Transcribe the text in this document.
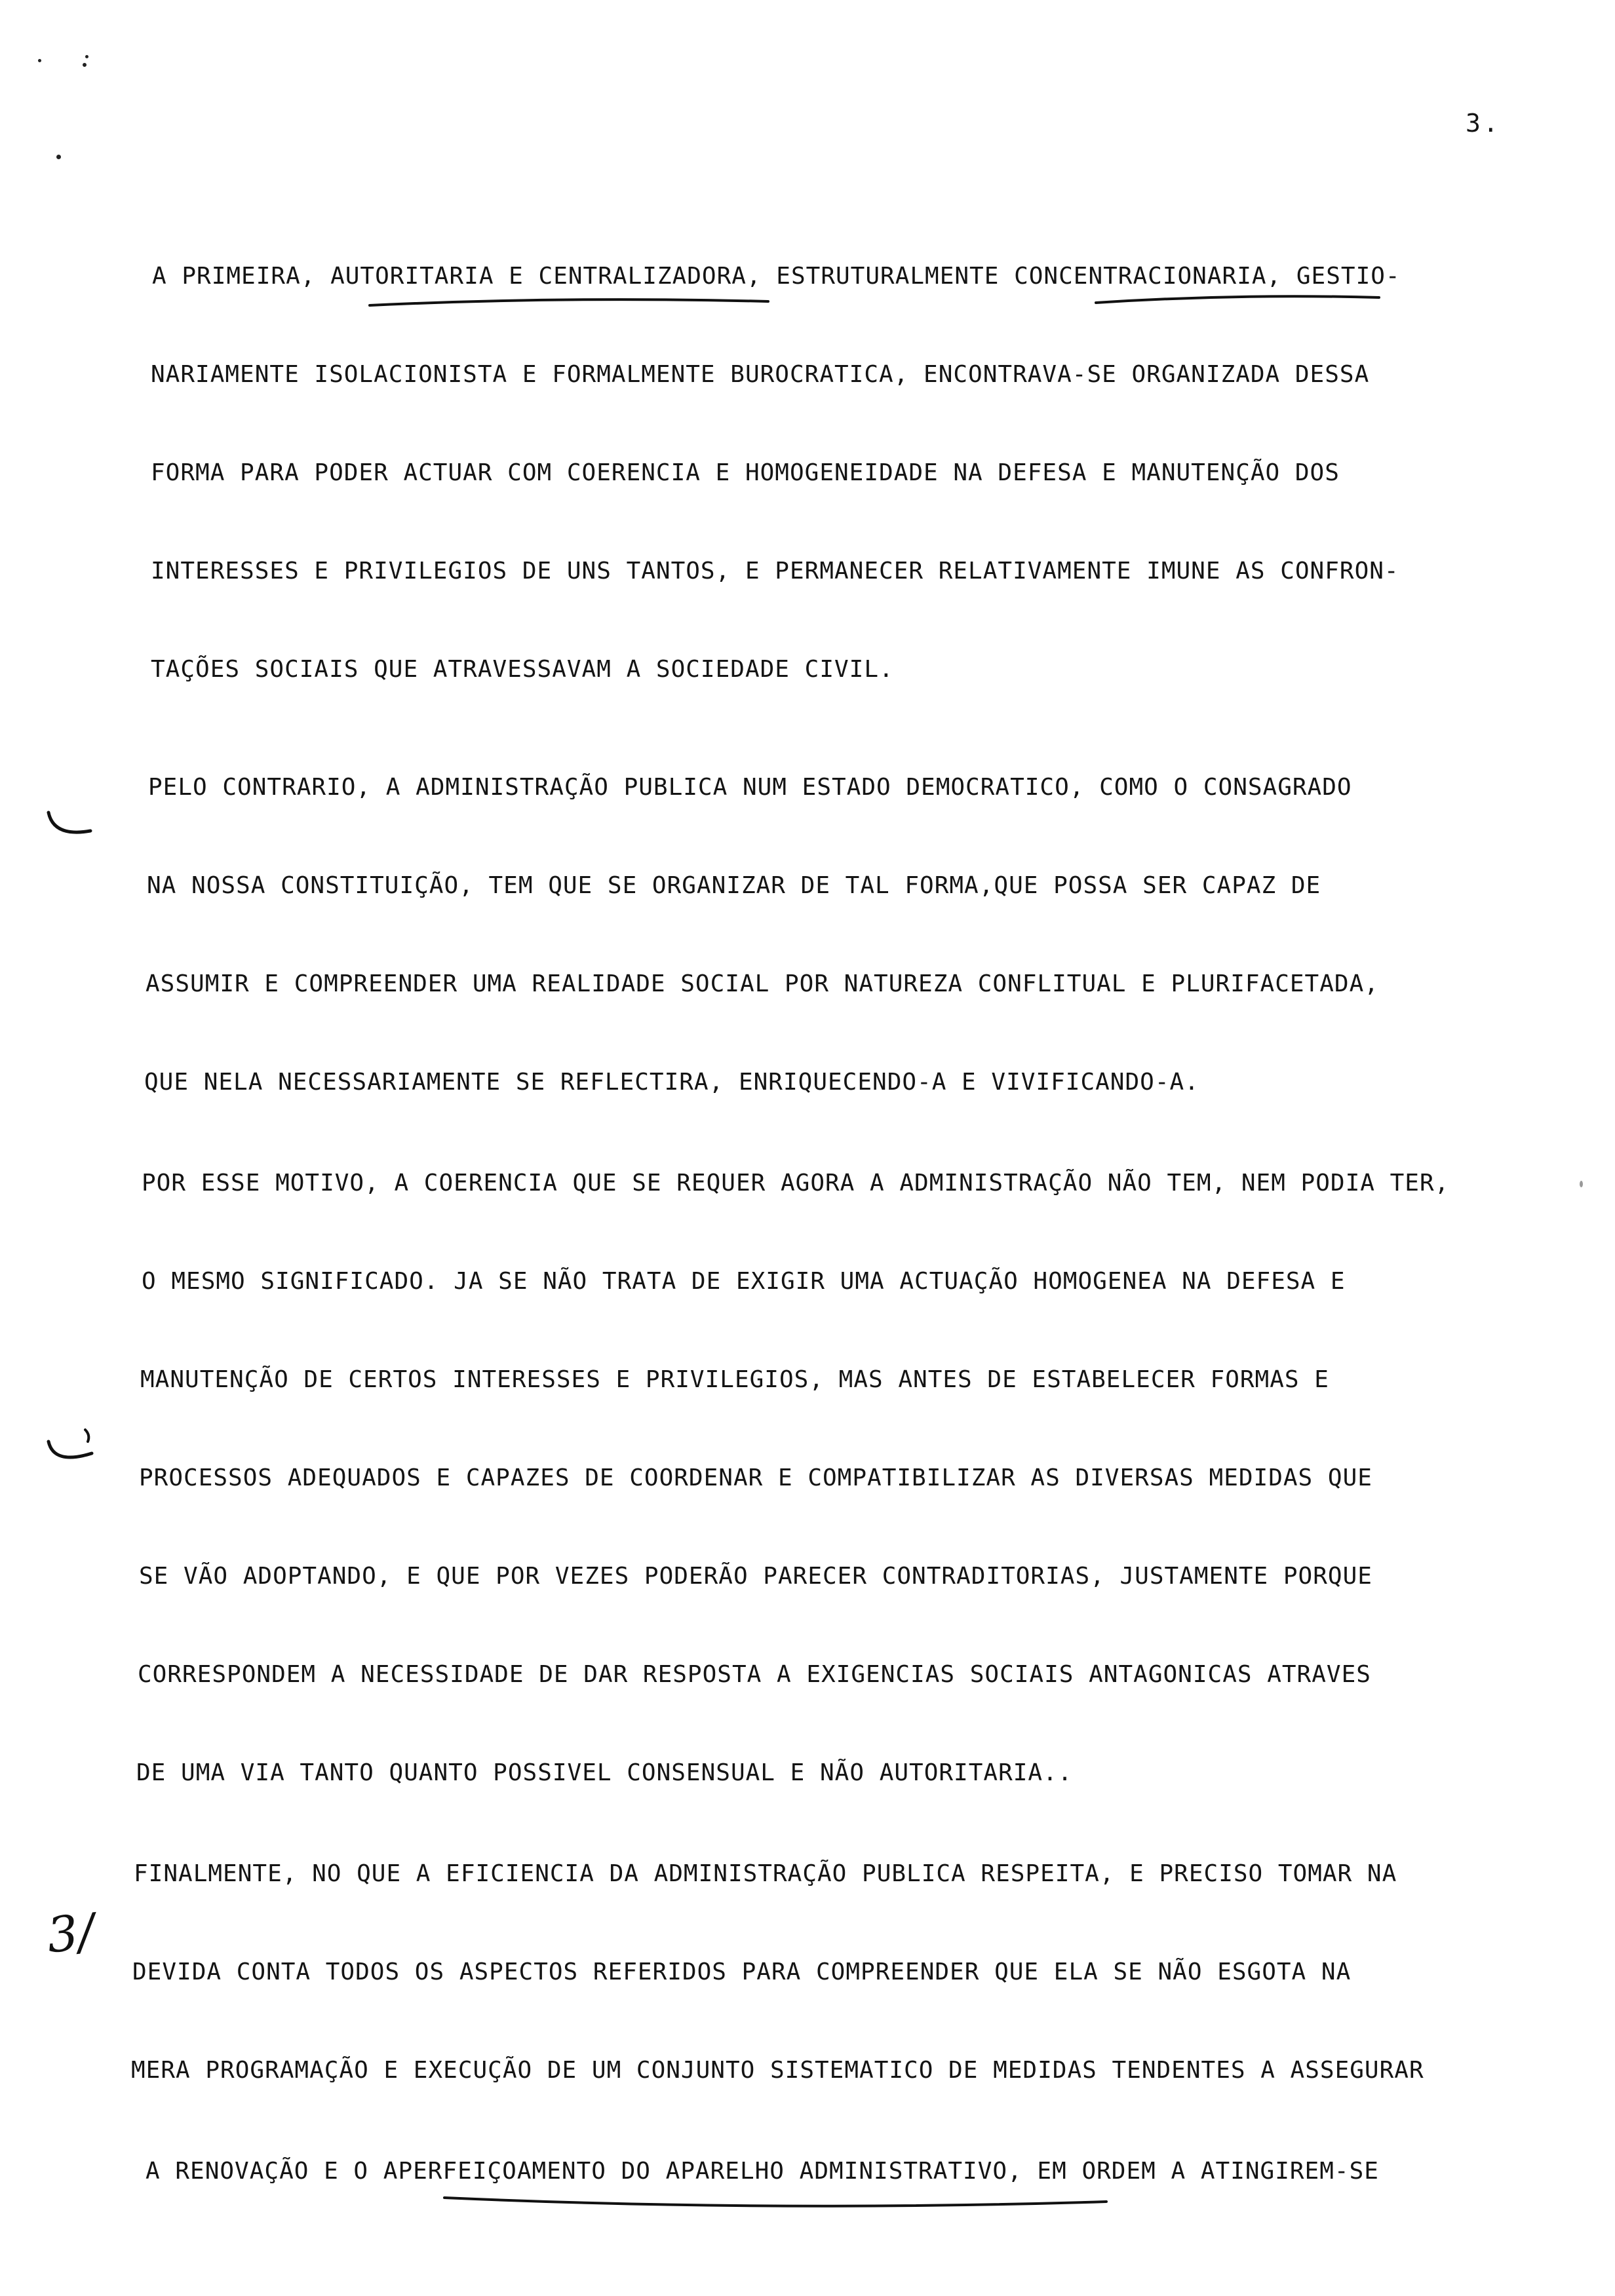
3.
A PRIMEIRA, AUTORITARIA E CENTRALIZADORA, ESTRUTURALMENTE CONCENTRACIONARIA, GESTIO-
NARIAMENTE ISOLACIONISTA E FORMALMENTE BUROCRATICA, ENCONTRAVA-SE ORGANIZADA DESSA
FORMA PARA PODER ACTUAR COM COERENCIA E HOMOGENEIDADE NA DEFESA E MANUTENÇÃO DOS
INTERESSES E PRIVILEGIOS DE UNS TANTOS, E PERMANECER RELATIVAMENTE IMUNE AS CONFRON-
TAÇÕES SOCIAIS QUE ATRAVESSAVAM A SOCIEDADE CIVIL.
PELO CONTRARIO, A ADMINISTRAÇÃO PUBLICA NUM ESTADO DEMOCRATICO, COMO O CONSAGRADO
NA NOSSA CONSTITUIÇÃO, TEM QUE SE ORGANIZAR DE TAL FORMA,QUE POSSA SER CAPAZ DE
ASSUMIR E COMPREENDER UMA REALIDADE SOCIAL POR NATUREZA CONFLITUAL E PLURIFACETADA,
QUE NELA NECESSARIAMENTE SE REFLECTIRA, ENRIQUECENDO-A E VIVIFICANDO-A.
POR ESSE MOTIVO, A COERENCIA QUE SE REQUER AGORA A ADMINISTRAÇÃO NÃO TEM, NEM PODIA TER,
O MESMO SIGNIFICADO. JA SE NÃO TRATA DE EXIGIR UMA ACTUAÇÃO HOMOGENEA NA DEFESA E
MANUTENÇÃO DE CERTOS INTERESSES E PRIVILEGIOS, MAS ANTES DE ESTABELECER FORMAS E
PROCESSOS ADEQUADOS E CAPAZES DE COORDENAR E COMPATIBILIZAR AS DIVERSAS MEDIDAS QUE
SE VÃO ADOPTANDO, E QUE POR VEZES PODERÃO PARECER CONTRADITORIAS, JUSTAMENTE PORQUE
CORRESPONDEM A NECESSIDADE DE DAR RESPOSTA A EXIGENCIAS SOCIAIS ANTAGONICAS ATRAVES
DE UMA VIA TANTO QUANTO POSSIVEL CONSENSUAL E NÃO AUTORITARIA..
FINALMENTE, NO QUE A EFICIENCIA DA ADMINISTRAÇÃO PUBLICA RESPEITA, E PRECISO TOMAR NA
DEVIDA CONTA TODOS OS ASPECTOS REFERIDOS PARA COMPREENDER QUE ELA SE NÃO ESGOTA NA
MERA PROGRAMAÇÃO E EXECUÇÃO DE UM CONJUNTO SISTEMATICO DE MEDIDAS TENDENTES A ASSEGURAR
A RENOVAÇÃO E O APERFEIÇOAMENTO DO APARELHO ADMINISTRATIVO, EM ORDEM A ATINGIREM-SE
3/
